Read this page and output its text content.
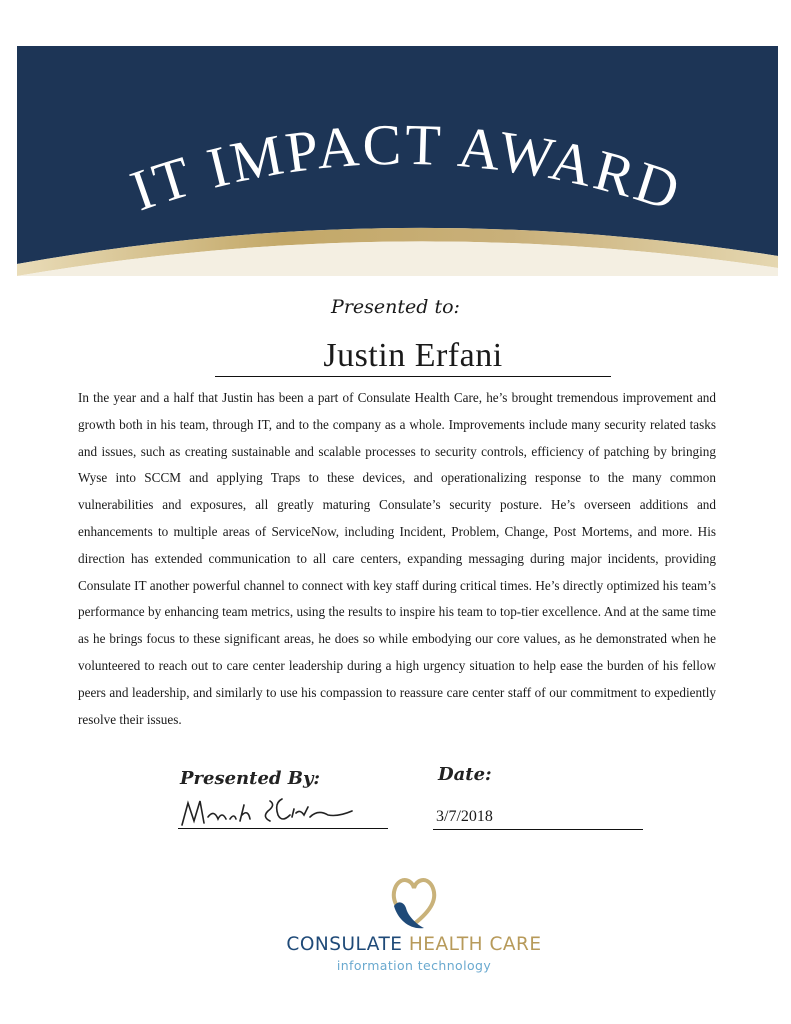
IT IMPACT AWARD
Presented to:
Justin Erfani

In the year and a half that Justin has been a part of Consulate Health Care, he’s brought tremendous improvement and growth both in his team, through IT, and to the company as a whole. Improvements include many security related tasks and issues, such as creating sustainable and scalable processes to security controls, efficiency of patching by bringing Wyse into SCCM and applying Traps to these devices, and operationalizing response to the many common vulnerabilities and exposures, all greatly maturing Consulate’s security posture. He’s overseen additions and enhancements to multiple areas of ServiceNow, including Incident, Problem, Change, Post Mortems, and more. His direction has extended communication to all care centers, expanding messaging during major incidents, providing Consulate IT another powerful channel to connect with key staff during critical times. He’s directly optimized his team’s performance by enhancing team metrics, using the results to inspire his team to top-tier excellence. And at the same time as he brings focus to these significant areas, he does so while embodying our core values, as he demonstrated when he volunteered to reach out to care center leadership during a high urgency situation to help ease the burden of his fellow peers and leadership, and similarly to use his compassion to reassure care center staff of our commitment to expediently resolve their issues.

Presented By:	Date:
3/7/2018
CONSULATE HEALTH CARE
information technology
